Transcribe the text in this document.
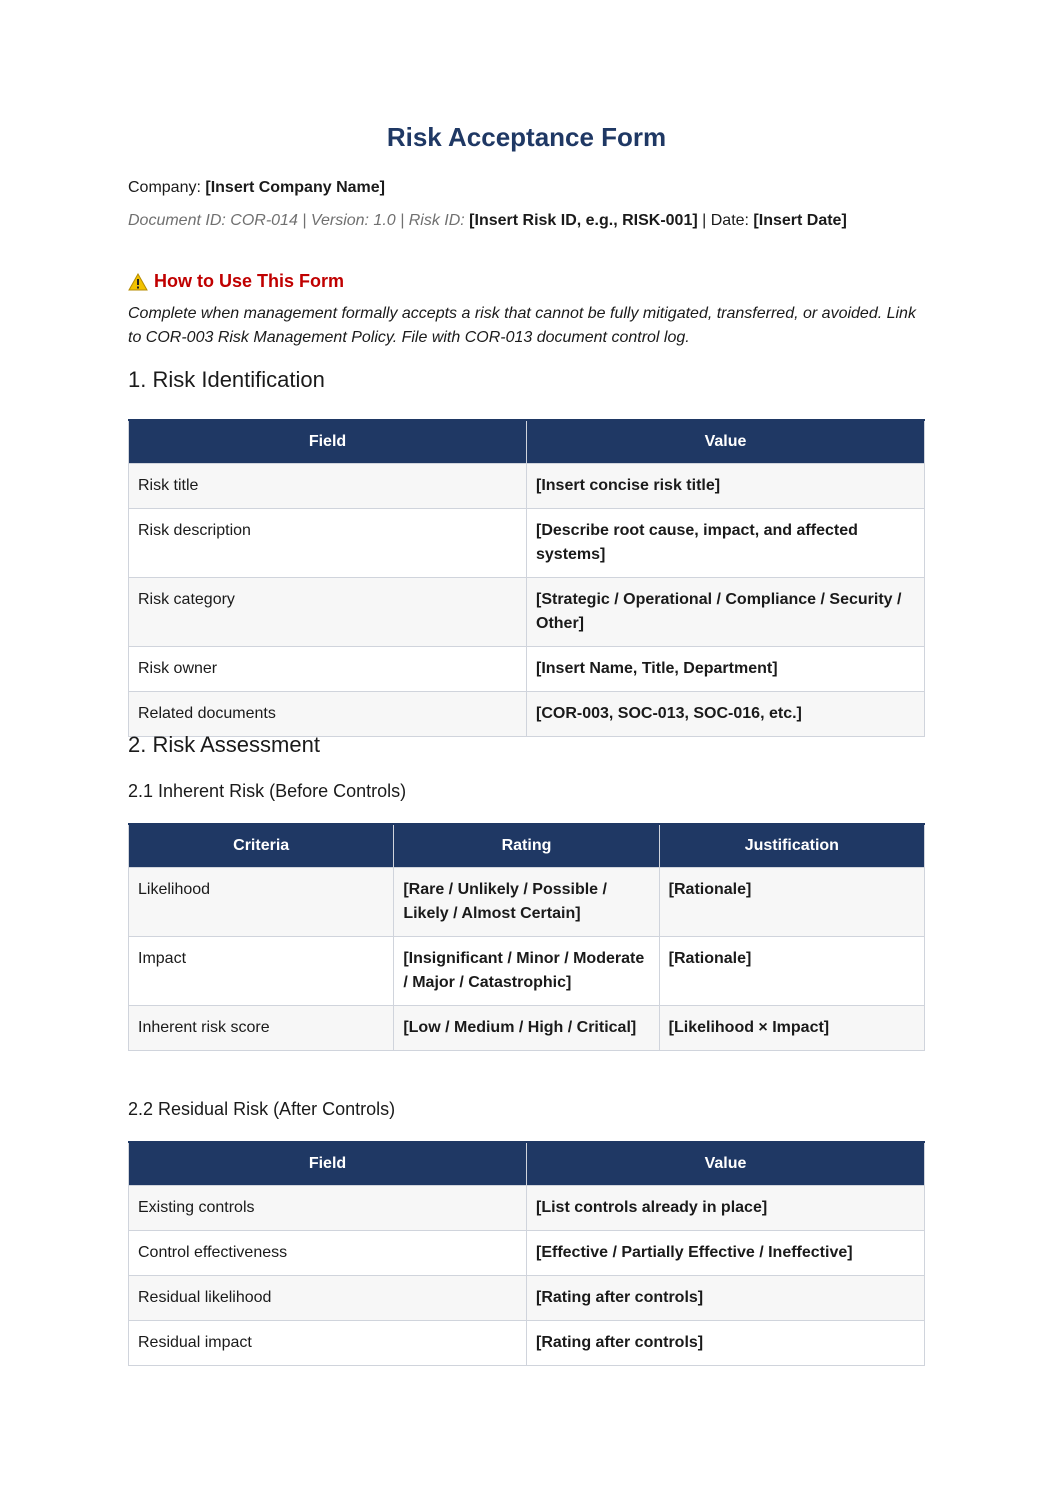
Risk Acceptance Form
Company: [Insert Company Name]
Document ID: COR-014 | Version: 1.0 | Risk ID: [Insert Risk ID, e.g., RISK-001] | Date: [Insert Date]
How to Use This Form
Complete when management formally accepts a risk that cannot be fully mitigated, transferred, or avoided. Link to COR-003 Risk Management Policy. File with COR-013 document control log.
1. Risk Identification
Field	Value
Risk title	[Insert concise risk title]
Risk description	[Describe root cause, impact, and affected systems]
Risk category	[Strategic / Operational / Compliance / Security / Other]
Risk owner	[Insert Name, Title, Department]
Related documents	[COR-003, SOC-013, SOC-016, etc.]
2. Risk Assessment
2.1 Inherent Risk (Before Controls)
Criteria	Rating	Justification
Likelihood	[Rare / Unlikely / Possible / Likely / Almost Certain]	[Rationale]
Impact	[Insignificant / Minor / Moderate / Major / Catastrophic]	[Rationale]
Inherent risk score	[Low / Medium / High / Critical]	[Likelihood × Impact]
2.2 Residual Risk (After Controls)
Field	Value
Existing controls	[List controls already in place]
Control effectiveness	[Effective / Partially Effective / Ineffective]
Residual likelihood	[Rating after controls]
Residual impact	[Rating after controls]
